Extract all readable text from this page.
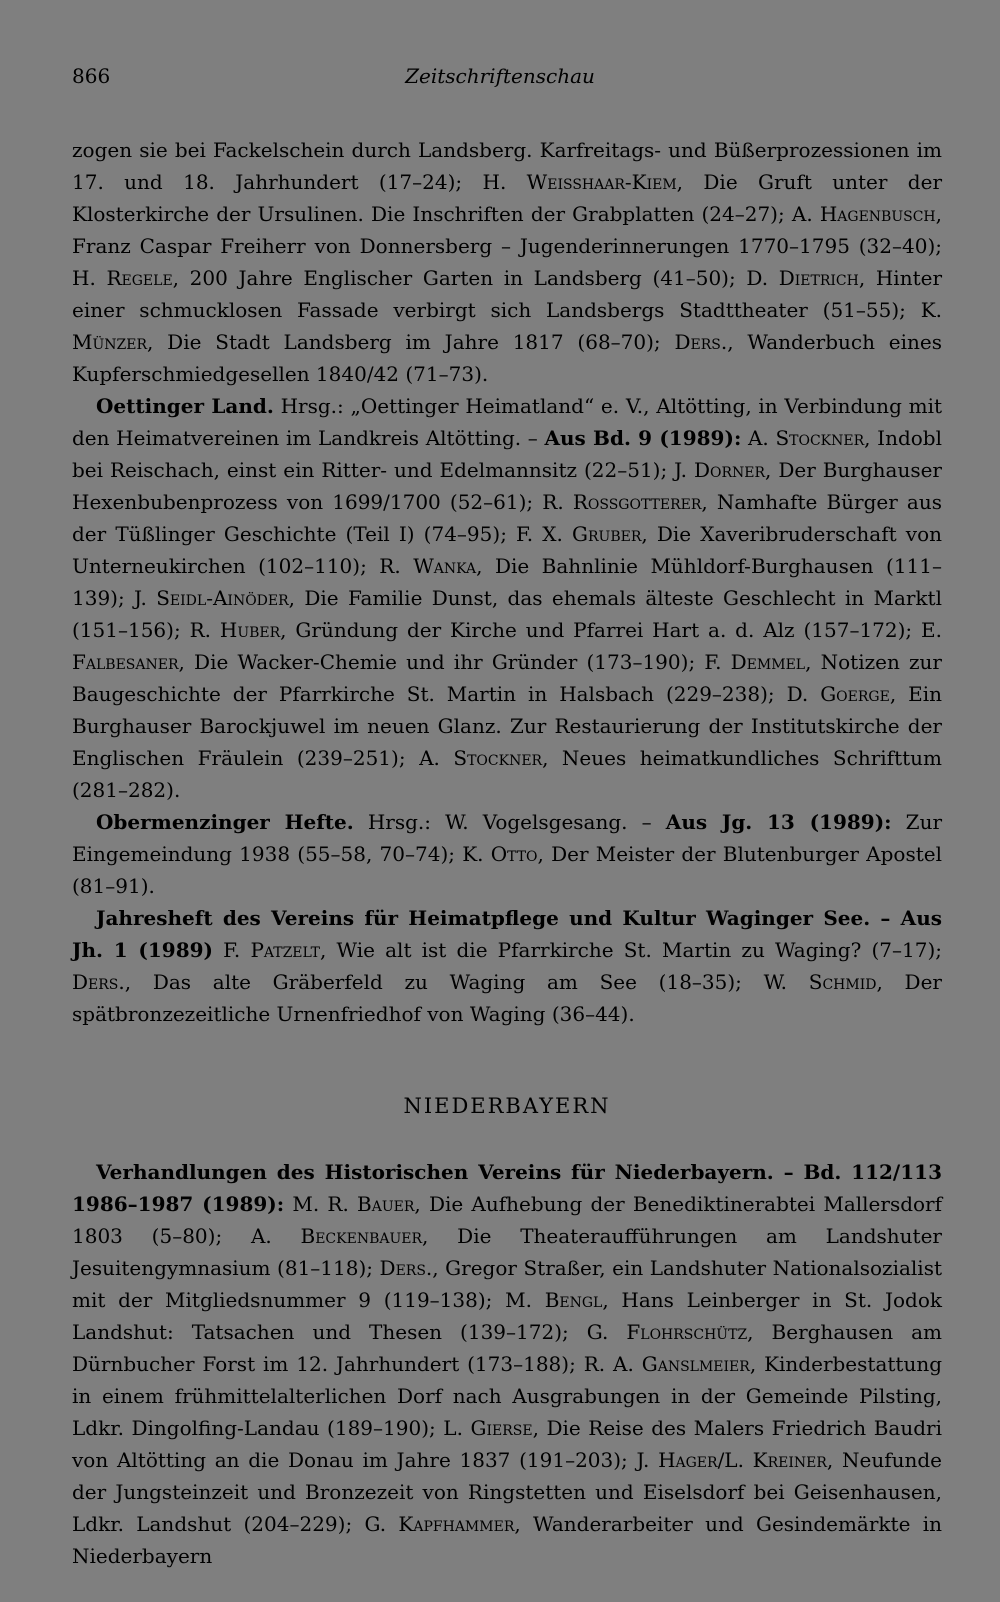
866	Zeitschriftenschau

zogen sie bei Fackelschein durch Landsberg. Karfreitags- und Büßerprozessionen im 17. und 18. Jahrhundert (17–24); H. Weisshaar-Kiem, Die Gruft unter der Klosterkirche der Ursulinen. Die Inschriften der Grabplatten (24–27); A. Hagenbusch, Franz Caspar Freiherr von Donnersberg – Jugenderinnerungen 1770–1795 (32–40); H. Regele, 200 Jahre Englischer Garten in Landsberg (41–50); D. Dietrich, Hinter einer schmucklosen Fassade verbirgt sich Landsbergs Stadttheater (51–55); K. Münzer, Die Stadt Landsberg im Jahre 1817 (68–70); Ders., Wanderbuch eines Kupferschmiedgesellen 1840/42 (71–73).

Oettinger Land. Hrsg.: „Oettinger Heimatland“ e. V., Altötting, in Verbindung mit den Heimatvereinen im Landkreis Altötting. – Aus Bd. 9 (1989): A. Stockner, Indobl bei Reischach, einst ein Ritter- und Edelmannsitz (22–51); J. Dorner, Der Burghauser Hexenbubenprozess von 1699/1700 (52–61); R. Rossgotterer, Namhafte Bürger aus der Tüßlinger Geschichte (Teil I) (74–95); F. X. Gruber, Die Xaveribruderschaft von Unterneukirchen (102–110); R. Wanka, Die Bahnlinie Mühldorf-Burghausen (111–139); J. Seidl-Ainöder, Die Familie Dunst, das ehemals älteste Geschlecht in Marktl (151–156); R. Huber, Gründung der Kirche und Pfarrei Hart a. d. Alz (157–172); E. Falbesaner, Die Wacker-Chemie und ihr Gründer (173–190); F. Demmel, Notizen zur Baugeschichte der Pfarrkirche St. Martin in Halsbach (229–238); D. Goerge, Ein Burghauser Barockjuwel im neuen Glanz. Zur Restaurierung der Institutskirche der Englischen Fräulein (239–251); A. Stockner, Neues heimatkundliches Schrifttum (281–282).

Obermenzinger Hefte. Hrsg.: W. Vogelsgesang. – Aus Jg. 13 (1989): Zur Eingemeindung 1938 (55–58, 70–74); K. Otto, Der Meister der Blutenburger Apostel (81–91).

Jahresheft des Vereins für Heimatpflege und Kultur Waginger See. – Aus Jh. 1 (1989) F. Patzelt, Wie alt ist die Pfarrkirche St. Martin zu Waging? (7–17); Ders., Das alte Gräberfeld zu Waging am See (18–35); W. Schmid, Der spätbronzezeitliche Urnenfriedhof von Waging (36–44).

NIEDERBAYERN

Verhandlungen des Historischen Vereins für Niederbayern. – Bd. 112/113 1986–1987 (1989): M. R. Bauer, Die Aufhebung der Benediktinerabtei Mallersdorf 1803 (5–80); A. Beckenbauer, Die Theateraufführungen am Landshuter Jesuitengymnasium (81–118); Ders., Gregor Straßer, ein Landshuter Nationalsozialist mit der Mitgliedsnummer 9 (119–138); M. Bengl, Hans Leinberger in St. Jodok Landshut: Tatsachen und Thesen (139–172); G. Flohrschütz, Berghausen am Dürnbucher Forst im 12. Jahrhundert (173–188); R. A. Ganslmeier, Kinderbestattung in einem frühmittelalterlichen Dorf nach Ausgrabungen in der Gemeinde Pilsting, Ldkr. Dingolfing-Landau (189–190); L. Gierse, Die Reise des Malers Friedrich Baudri von Altötting an die Donau im Jahre 1837 (191–203); J. Hager/L. Kreiner, Neufunde der Jungsteinzeit und Bronzezeit von Ringstetten und Eiselsdorf bei Geisenhausen, Ldkr. Landshut (204–229); G. Kapfhammer, Wanderarbeiter und Gesindemärkte in Niederbayern
